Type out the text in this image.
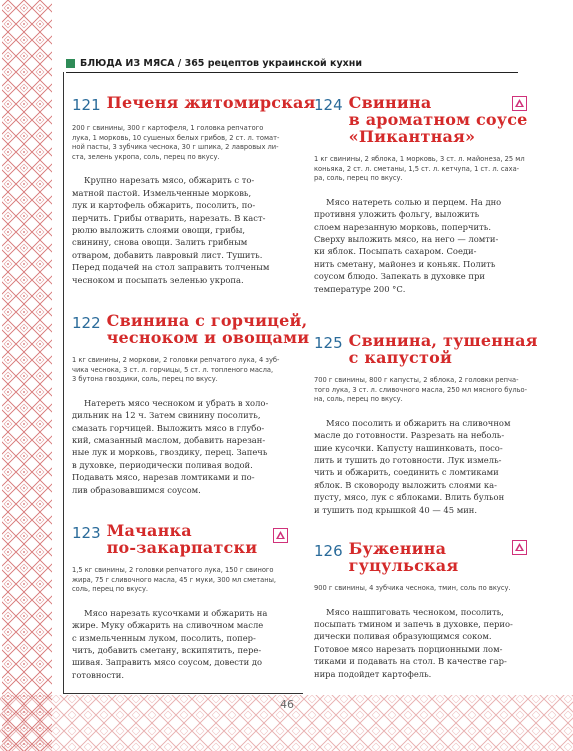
БЛЮДА ИЗ МЯСА / 365 рецептов украинской кухни
121 Печеня житомирская
200 г свинины, 300 г картофеля, 1 головка репчатого
лука, 1 морковь, 10 сушеных белых грибов, 2 ст. л. томат-
ной пасты, 3 зубчика чеснока, 30 г шпика, 2 лавровых ли-
ста, зелень укропа, соль, перец по вкусу.

Крупно нарезать мясо, обжарить с то-

матной пастой. Измельченные морковь,
лук и картофель обжарить, посолить, по-
перчить. Грибы отварить, нарезать. В каст-
рюлю выложить слоями овощи, грибы,
свинину, снова овощи. Залить грибным
отваром, добавить лавровый лист. Тушить.
Перед подачей на стол заправить толченым
чесноком и посыпать зеленью укропа.
122 Свинина с горчицей,
чесноком и овощами
1 кг свинины, 2 моркови, 2 головки репчатого лука, 4 зуб-
чика чеснока, 3 ст. л. горчицы, 5 ст. л. топленого масла,
3 бутона гвоздики, соль, перец по вкусу.

Натереть мясо чесноком и убрать в холо-

дильник на 12 ч. Затем свинину посолить,
смазать горчицей. Выложить мясо в глубо-
кий, смазанный маслом, добавить нарезан-
ные лук и морковь, гвоздику, перец. Запечь
в духовке, периодически поливая водой.
Подавать мясо, нарезав ломтиками и по-
лив образовавшимся соусом.
123 Мачанка
по-закарпатски
1,5 кг свинины, 2 головки репчатого лука, 150 г свиного
жира, 75 г сливочного масла, 45 г муки, 300 мл сметаны,
соль, перец по вкусу.

Мясо нарезать кусочками и обжарить на

жире. Муку обжарить на сливочном масле
с измельченным луком, посолить, попер-
чить, добавить сметану, вскипятить, пере-
шивая. Заправить мясо соусом, довести до
готовности.
124 Свинина
в ароматном соусе
«Пикантная»
1 кг свинины, 2 яблока, 1 морковь, 3 ст. л. майонеза, 25 мл
коньяка, 2 ст. л. сметаны, 1,5 ст. л. кетчупа, 1 ст. л. саха-
ра, соль, перец по вкусу.

Мясо натереть солью и перцем. На дно

противня уложить фольгу, выложить
слоем нарезанную морковь, поперчить.
Сверху выложить мясо, на него — ломти-
ки яблок. Посыпать сахаром. Соеди-
нить сметану, майонез и коньяк. Полить
соусом блюдо. Запекать в духовке при
температуре 200 °С.
125 Свинина, тушенная
с капустой
700 г свинины, 800 г капусты, 2 яблока, 2 головки репча-
того лука, 3 ст. л. сливочного масла, 250 мл мясного бульо-
на, соль, перец по вкусу.

Мясо посолить и обжарить на сливочном

масле до готовности. Разрезать на неболь-
шие кусочки. Капусту нашинковать, посо-
лить и тушить до готовности. Лук измель-
чить и обжарить, соединить с ломтиками
яблок. В сковороду выложить слоями ка-
пусту, мясо, лук с яблоками. Влить бульон
и тушить под крышкой 40 — 45 мин.
126 Буженина
гуцульская
900 г свинины, 4 зубчика чеснока, тмин, соль по вкусу.

Мясо нашпиговать чесноком, посолить,

посыпать тмином и запечь в духовке, перио-
дически поливая образующимся соком.
Готовое мясо нарезать порционными лом-
тиками и подавать на стол. В качестве гар-
нира подойдет картофель.
46
